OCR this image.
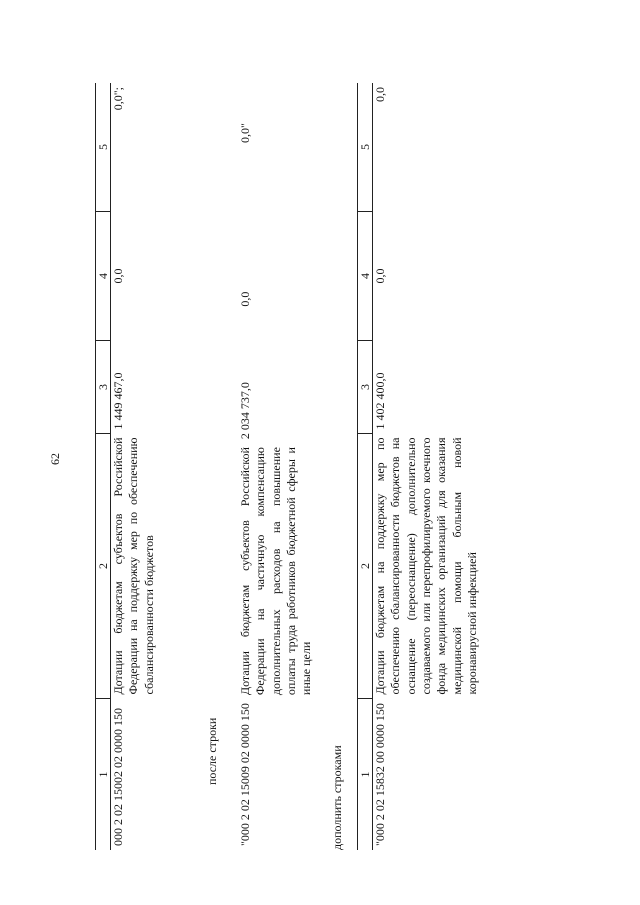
62
1	2	3	4	5
000 2 02 15002 02 0000 150	Дотации бюджетам субъектов Российской Федерации на поддержку мер по обеспечению сбалансированности бюджетов	1 449 467,0	0,0	0,0";
после строки "000 2 02 15009 02 0000 150	Дотации бюджетам субъектов Российской Федерации на частичную компенсацию дополнительных расходов на повышение оплаты труда работников бюджетной сферы и иные цели	2 034 737,0	0,0	0,0"
дополнить строками 1	2	3	4	5
"000 2 02 15832 00 0000 150	Дотации бюджетам на поддержку мер по обеспечению сбалансированности бюджетов на оснащение (переоснащение) дополнительно создаваемого или перепрофилируемого коечного фонда медицинских организаций для оказания медицинской помощи больным новой коронавирусной инфекцией	1 402 400,0	0,0	0,0
